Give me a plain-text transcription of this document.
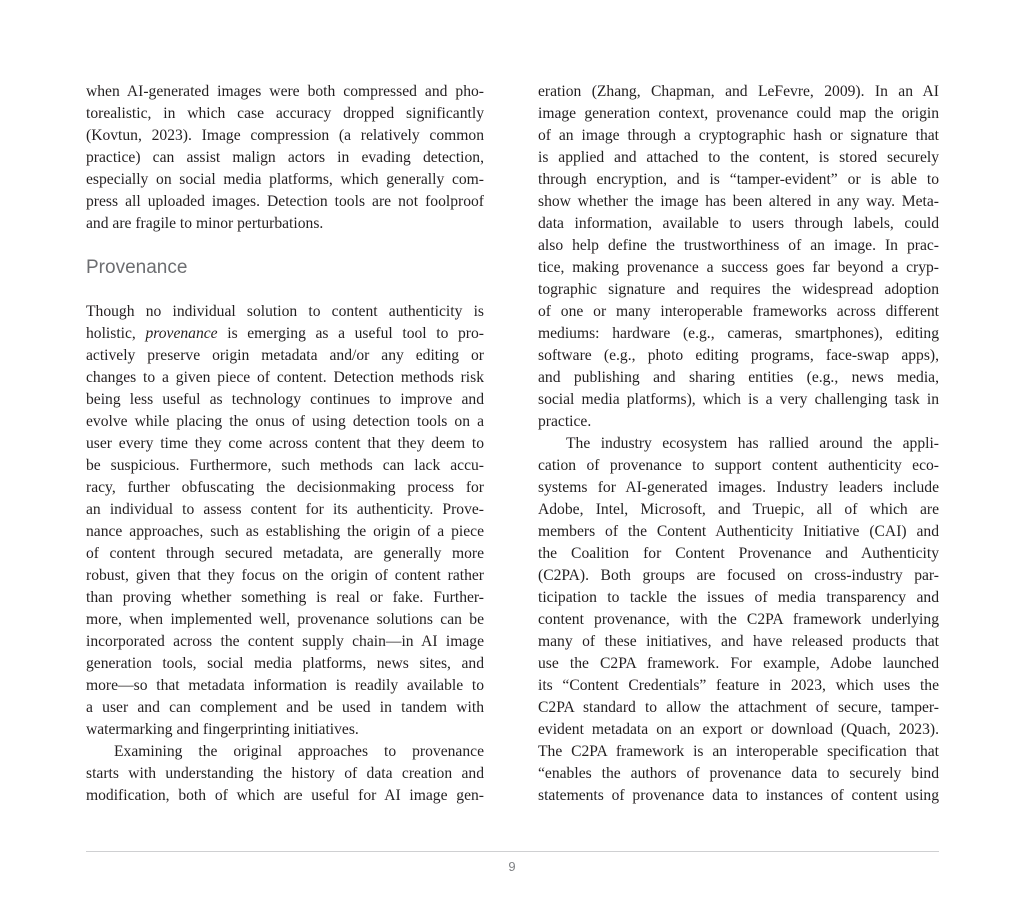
when AI-generated images were both compressed and pho-
torealistic, in which case accuracy dropped significantly
(Kovtun, 2023). Image compression (a relatively common
practice) can assist malign actors in evading detection,
especially on social media platforms, which generally com-
press all uploaded images. Detection tools are not foolproof
and are fragile to minor perturbations.
Provenance
Though no individual solution to content authenticity is
holistic, provenance is emerging as a useful tool to pro-
actively preserve origin metadata and/or any editing or
changes to a given piece of content. Detection methods risk
being less useful as technology continues to improve and
evolve while placing the onus of using detection tools on a
user every time they come across content that they deem to
be suspicious. Furthermore, such methods can lack accu-
racy, further obfuscating the decisionmaking process for
an individual to assess content for its authenticity. Prove-
nance approaches, such as establishing the origin of a piece
of content through secured metadata, are generally more
robust, given that they focus on the origin of content rather
than proving whether something is real or fake. Further-
more, when implemented well, provenance solutions can be
incorporated across the content supply chain—in AI image
generation tools, social media platforms, news sites, and
more—so that metadata information is readily available to
a user and can complement and be used in tandem with
watermarking and fingerprinting initiatives.
Examining the original approaches to provenance
starts with understanding the history of data creation and
modification, both of which are useful for AI image gen-
eration (Zhang, Chapman, and LeFevre, 2009). In an AI
image generation context, provenance could map the origin
of an image through a cryptographic hash or signature that
is applied and attached to the content, is stored securely
through encryption, and is “tamper-evident” or is able to
show whether the image has been altered in any way. Meta-
data information, available to users through labels, could
also help define the trustworthiness of an image. In prac-
tice, making provenance a success goes far beyond a cryp-
tographic signature and requires the widespread adoption
of one or many interoperable frameworks across different
mediums: hardware (e.g., cameras, smartphones), editing
software (e.g., photo editing programs, face-swap apps),
and publishing and sharing entities (e.g., news media,
social media platforms), which is a very challenging task in
practice.
The industry ecosystem has rallied around the appli-
cation of provenance to support content authenticity eco-
systems for AI-generated images. Industry leaders include
Adobe, Intel, Microsoft, and Truepic, all of which are
members of the Content Authenticity Initiative (CAI) and
the Coalition for Content Provenance and Authenticity
(C2PA). Both groups are focused on cross-industry par-
ticipation to tackle the issues of media transparency and
content provenance, with the C2PA framework underlying
many of these initiatives, and have released products that
use the C2PA framework. For example, Adobe launched
its “Content Credentials” feature in 2023, which uses the
C2PA standard to allow the attachment of secure, tamper-
evident metadata on an export or download (Quach, 2023).
The C2PA framework is an interoperable specification that
“enables the authors of provenance data to securely bind
statements of provenance data to instances of content using
9
